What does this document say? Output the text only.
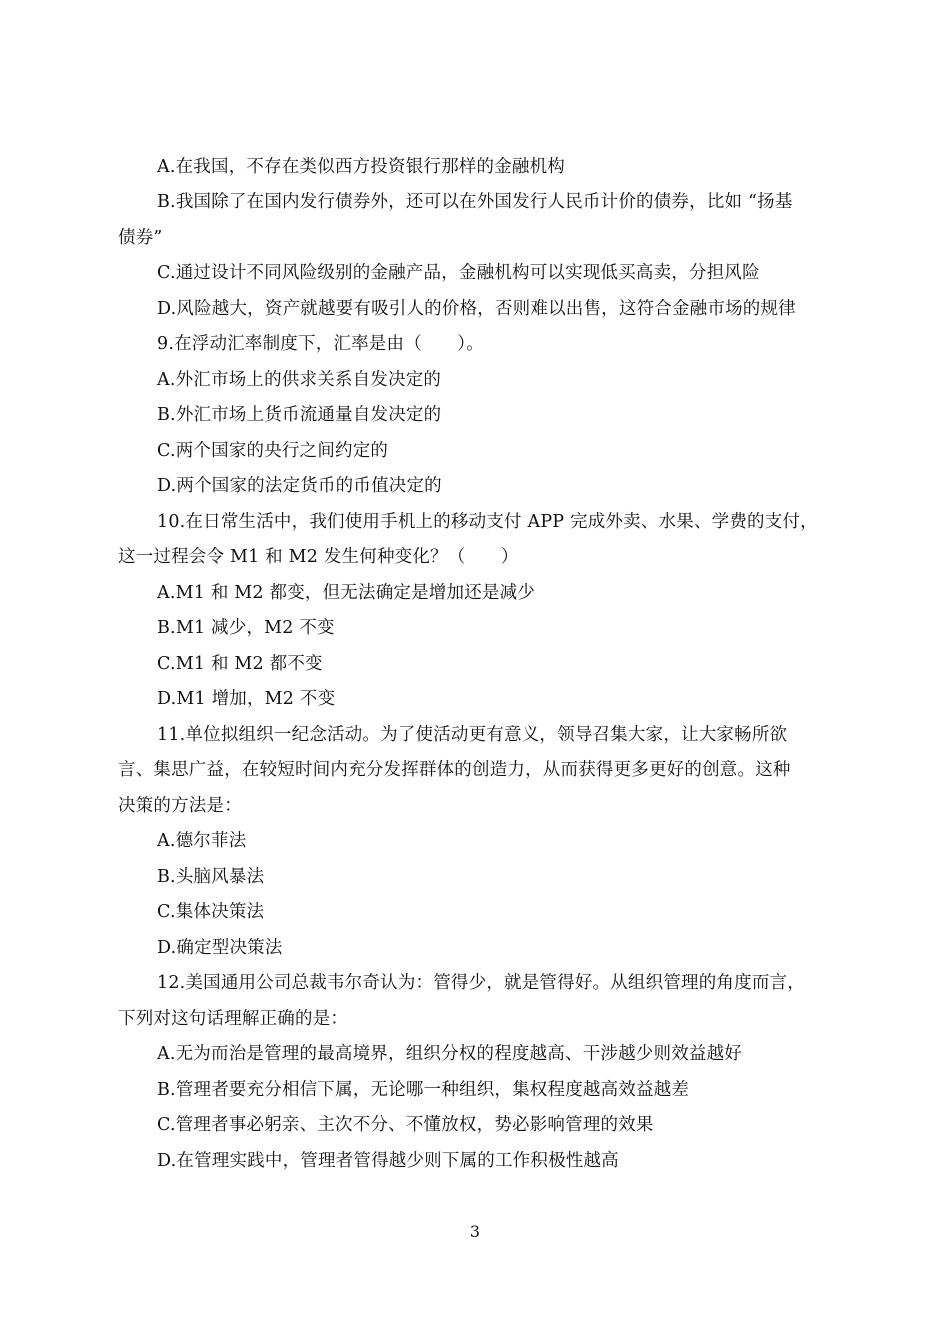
A.在我国，不存在类似西方投资银行那样的金融机构
B.我国除了在国内发行债券外，还可以在外国发行人民币计价的债券，比如 “扬基
债券”
C.通过设计不同风险级别的金融产品，金融机构可以实现低买高卖，分担风险
D.风险越大，资产就越要有吸引人的价格，否则难以出售，这符合金融市场的规律
9.在浮动汇率制度下，汇率是由（　　）。
A.外汇市场上的供求关系自发决定的
B.外汇市场上货币流通量自发决定的
C.两个国家的央行之间约定的
D.两个国家的法定货币的币值决定的
10.在日常生活中，我们使用手机上的移动支付 APP 完成外卖、水果、学费的支付，
这一过程会令 M1 和 M2 发生何种变化？（　　）
A.M1 和 M2 都变，但无法确定是增加还是减少
B.M1 减少，M2 不变
C.M1 和 M2 都不变
D.M1 增加，M2 不变
11.单位拟组织一纪念活动。为了使活动更有意义，领导召集大家，让大家畅所欲
言、集思广益，在较短时间内充分发挥群体的创造力，从而获得更多更好的创意。这种
决策的方法是：
A.德尔菲法
B.头脑风暴法
C.集体决策法
D.确定型决策法
12.美国通用公司总裁韦尔奇认为：管得少，就是管得好。从组织管理的角度而言，
下列对这句话理解正确的是：
A.无为而治是管理的最高境界，组织分权的程度越高、干涉越少则效益越好
B.管理者要充分相信下属，无论哪一种组织，集权程度越高效益越差
C.管理者事必躬亲、主次不分、不懂放权，势必影响管理的效果
D.在管理实践中，管理者管得越少则下属的工作积极性越高
3
